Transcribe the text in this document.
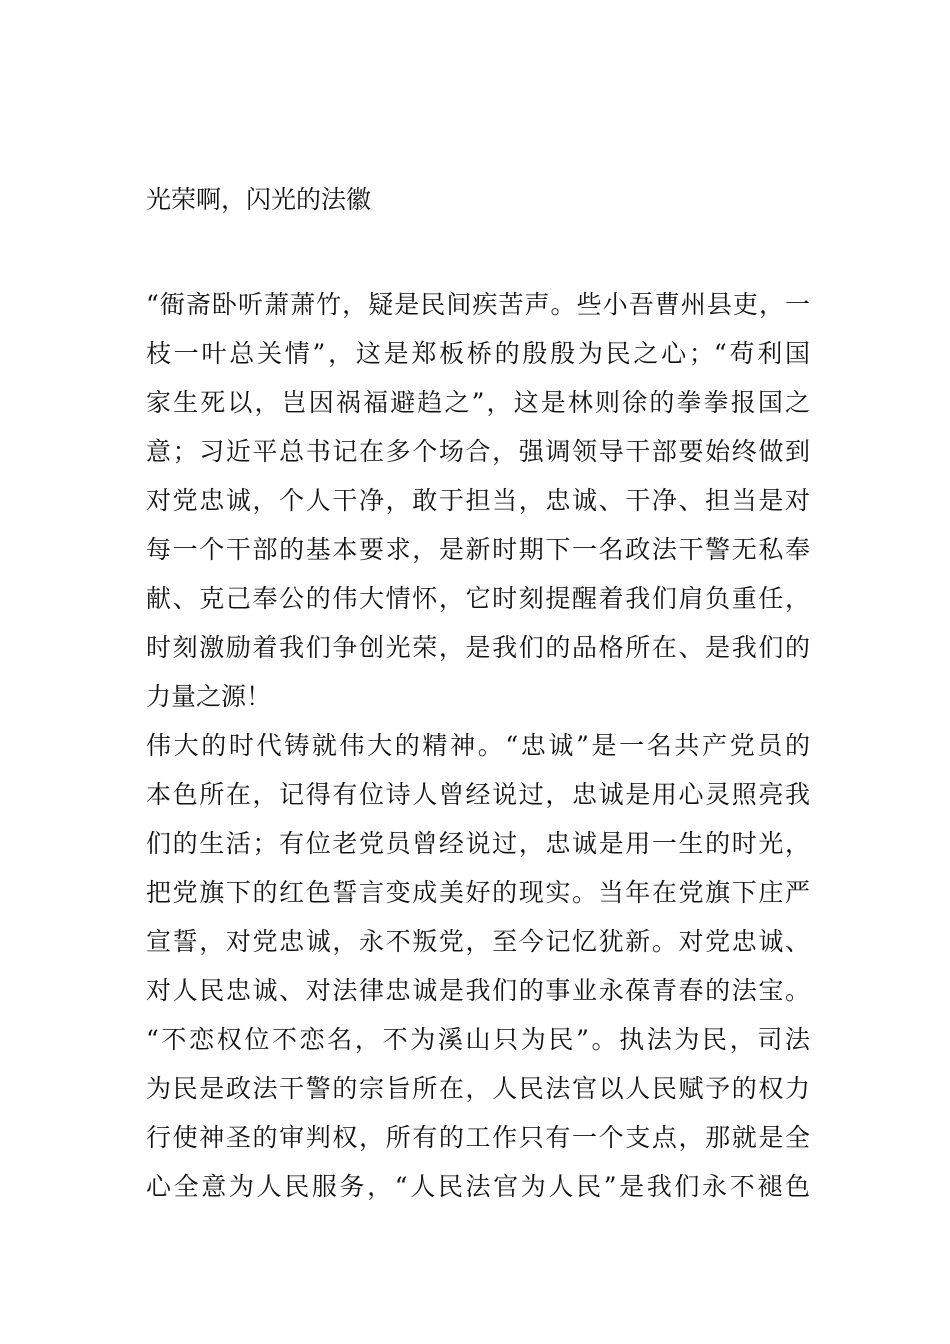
光荣啊，闪光的法徽
“衙斋卧听萧萧竹，疑是民间疾苦声。些小吾曹州县吏，一
枝一叶总关情”，这是郑板桥的殷殷为民之心；“苟利国
家生死以，岂因祸福避趋之”，这是林则徐的拳拳报国之
意；习近平总书记在多个场合，强调领导干部要始终做到
对党忠诚，个人干净，敢于担当，忠诚、干净、担当是对
每一个干部的基本要求，是新时期下一名政法干警无私奉
献、克己奉公的伟大情怀，它时刻提醒着我们肩负重任，
时刻激励着我们争创光荣，是我们的品格所在、是我们的
力量之源！
伟大的时代铸就伟大的精神。“忠诚”是一名共产党员的
本色所在，记得有位诗人曾经说过，忠诚是用心灵照亮我
们的生活；有位老党员曾经说过，忠诚是用一生的时光，
把党旗下的红色誓言变成美好的现实。当年在党旗下庄严
宣誓，对党忠诚，永不叛党，至今记忆犹新。对党忠诚、
对人民忠诚、对法律忠诚是我们的事业永葆青春的法宝。
“不恋权位不恋名，不为溪山只为民”。执法为民，司法
为民是政法干警的宗旨所在，人民法官以人民赋予的权力
行使神圣的审判权，所有的工作只有一个支点，那就是全
心全意为人民服务，“人民法官为人民”是我们永不褪色
